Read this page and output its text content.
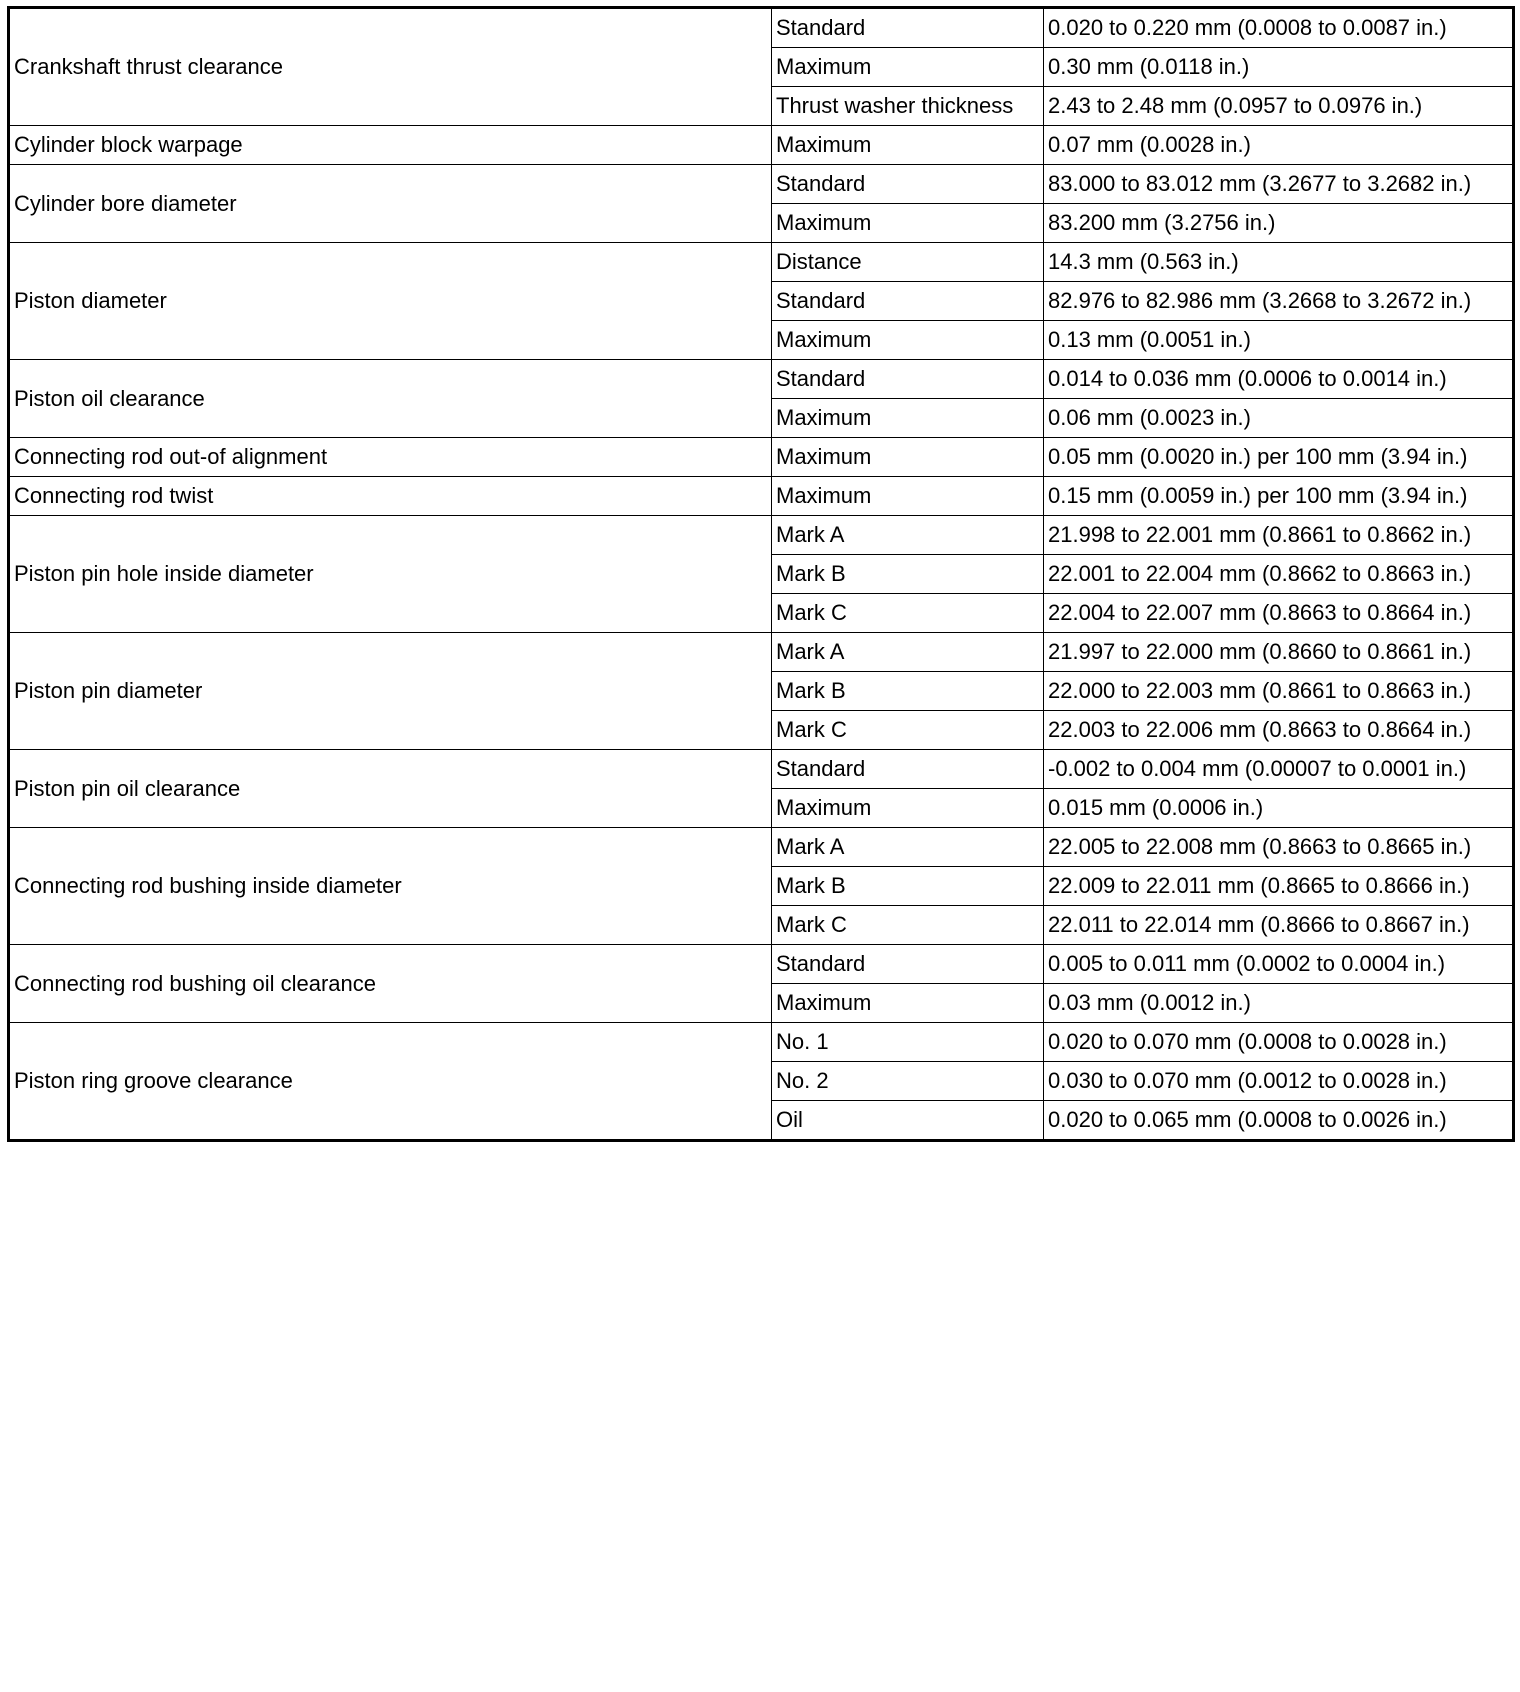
Crankshaft thrust clearance	Standard	0.020 to 0.220 mm (0.0008 to 0.0087 in.)
	Maximum	0.30 mm (0.0118 in.)
	Thrust washer thickness	2.43 to 2.48 mm (0.0957 to 0.0976 in.)
Cylinder block warpage	Maximum	0.07 mm (0.0028 in.)
Cylinder bore diameter	Standard	83.000 to 83.012 mm (3.2677 to 3.2682 in.)
	Maximum	83.200 mm (3.2756 in.)
Piston diameter	Distance	14.3 mm (0.563 in.)
	Standard	82.976 to 82.986 mm (3.2668 to 3.2672 in.)
	Maximum	0.13 mm (0.0051 in.)
Piston oil clearance	Standard	0.014 to 0.036 mm (0.0006 to 0.0014 in.)
	Maximum	0.06 mm (0.0023 in.)
Connecting rod out-of alignment	Maximum	0.05 mm (0.0020 in.) per 100 mm (3.94 in.)
Connecting rod twist	Maximum	0.15 mm (0.0059 in.) per 100 mm (3.94 in.)
Piston pin hole inside diameter	Mark A	21.998 to 22.001 mm (0.8661 to 0.8662 in.)
	Mark B	22.001 to 22.004 mm (0.8662 to 0.8663 in.)
	Mark C	22.004 to 22.007 mm (0.8663 to 0.8664 in.)
Piston pin diameter	Mark A	21.997 to 22.000 mm (0.8660 to 0.8661 in.)
	Mark B	22.000 to 22.003 mm (0.8661 to 0.8663 in.)
	Mark C	22.003 to 22.006 mm (0.8663 to 0.8664 in.)
Piston pin oil clearance	Standard	-0.002 to 0.004 mm (0.00007 to 0.0001 in.)
	Maximum	0.015 mm (0.0006 in.)
Connecting rod bushing inside diameter	Mark A	22.005 to 22.008 mm (0.8663 to 0.8665 in.)
	Mark B	22.009 to 22.011 mm (0.8665 to 0.8666 in.)
	Mark C	22.011 to 22.014 mm (0.8666 to 0.8667 in.)
Connecting rod bushing oil clearance	Standard	0.005 to 0.011 mm (0.0002 to 0.0004 in.)
	Maximum	0.03 mm (0.0012 in.)
Piston ring groove clearance	No. 1	0.020 to 0.070 mm (0.0008 to 0.0028 in.)
	No. 2	0.030 to 0.070 mm (0.0012 to 0.0028 in.)
	Oil	0.020 to 0.065 mm (0.0008 to 0.0026 in.)
